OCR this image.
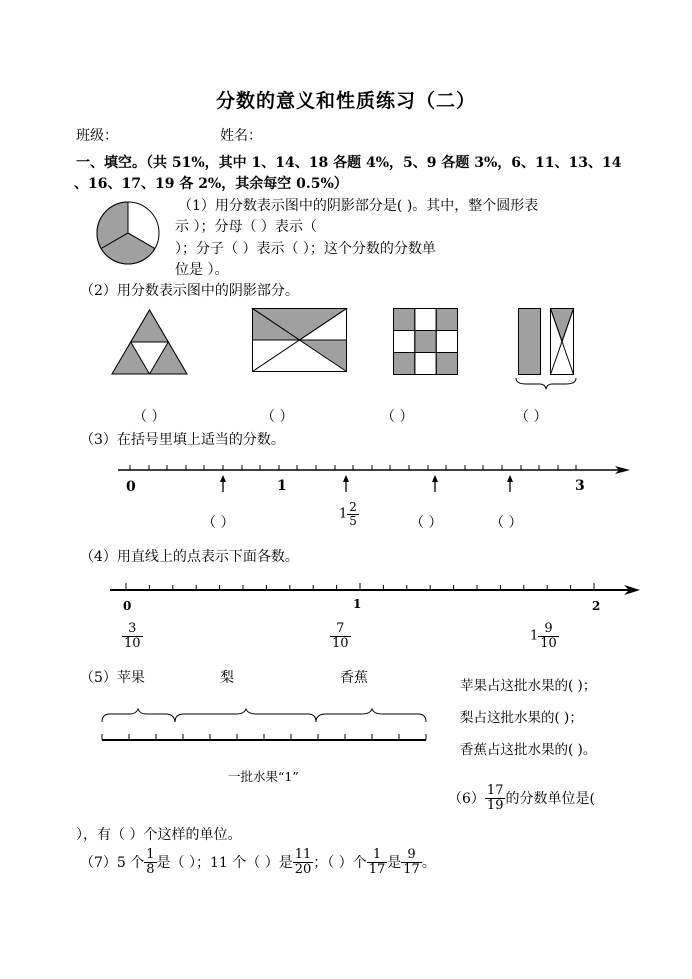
分数的意义和性质练习（二）
班级：	姓名：
一、填空。（共 51%，其中 1、14、18 各题 4%，5、9 各题 3%，6、11、13、14
、16、17、19 各 2%，其余每空 0.5%）
（1）用分数表示图中的阴影部分是( )。其中，整个圆形表
示 ）；分母（ ）表示（
）；分子（ ）表示（ ）；这个分数的分数单
位是 ）。
（2）用分数表示图中的阴影部分。
（ ）	（ ）	（ ）	（ ）
（3）在括号里填上适当的分数。
0	1	3
（ ）
$1 \frac{2}{5}$	（ ）	（ ）
（4）用直线上的点表示下面各数。
0	1	2
$\frac{3}{10}$	$\frac{7}{10}$	$1 \frac{9}{10}$
（5）苹果	梨	香蕉
一批水果“1”
苹果占这批水果的( )；
梨占这批水果的( )；
香蕉占这批水果的( )。
$(6) \frac{17}{19}$ 的分数单位是(
），有（ ）个这样的单位。
（7）5 个 $\frac{1}{8}$ 是（ ）；11 个（ ）是 $\frac{11}{20}$ ；（ ）个 $\frac{1}{17}$ 是 $\frac{9}{17}$ 。
